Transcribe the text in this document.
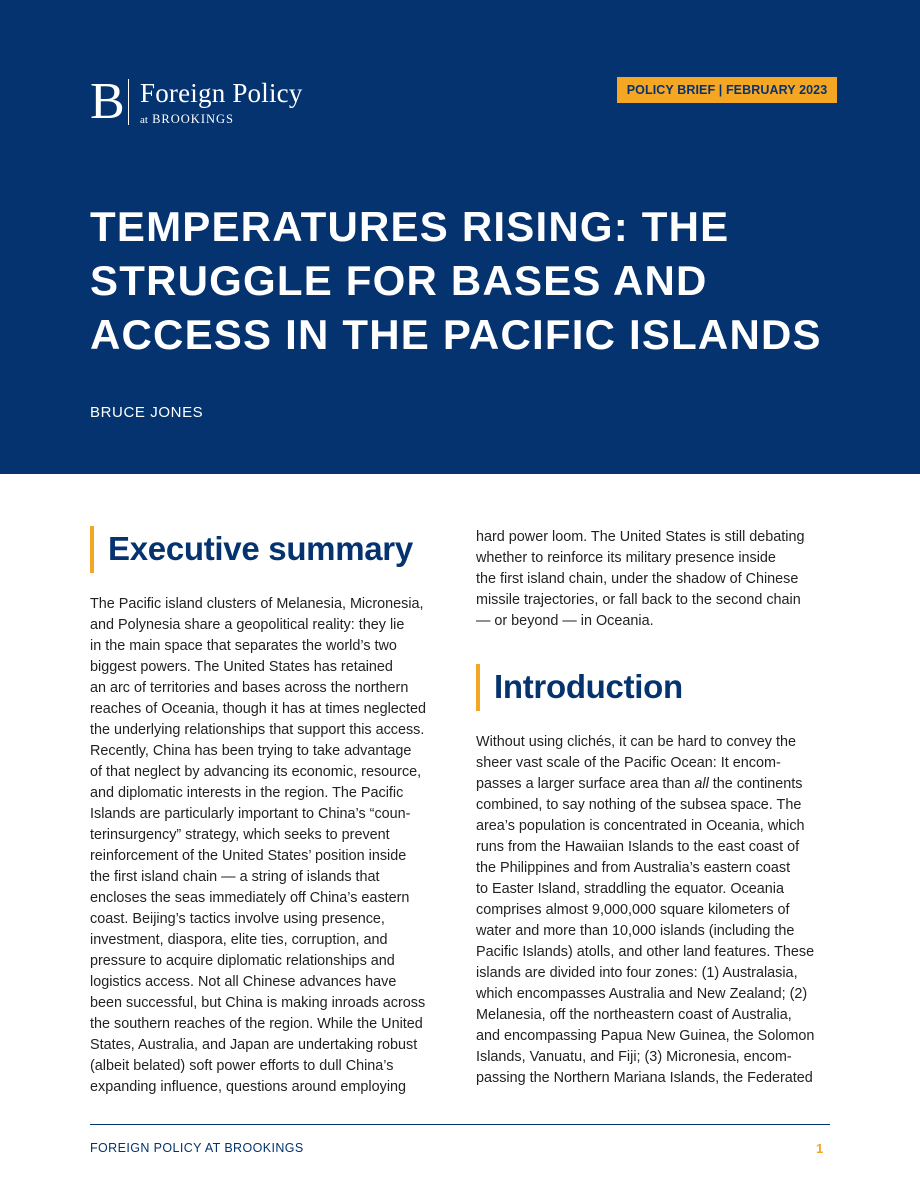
B Foreign Policy
at BROOKINGS
POLICY BRIEF | FEBRUARY 2023
TEMPERATURES RISING: THE STRUGGLE FOR BASES AND ACCESS IN THE PACIFIC ISLANDS
BRUCE JONES
Executive summary

The Pacific island clusters of Melanesia, Micronesia,
and Polynesia share a geopolitical reality: they lie
in the main space that separates the world’s two
biggest powers. The United States has retained
an arc of territories and bases across the northern
reaches of Oceania, though it has at times neglected
the underlying relationships that support this access.
Recently, China has been trying to take advantage
of that neglect by advancing its economic, resource,
and diplomatic interests in the region. The Pacific
Islands are particularly important to China’s “coun-
terinsurgency” strategy, which seeks to prevent
reinforcement of the United States’ position inside
the first island chain — a string of islands that
encloses the seas immediately off China’s eastern
coast. Beijing’s tactics involve using presence,
investment, diaspora, elite ties, corruption, and
pressure to acquire diplomatic relationships and
logistics access. Not all Chinese advances have
been successful, but China is making inroads across
the southern reaches of the region. While the United
States, Australia, and Japan are undertaking robust
(albeit belated) soft power efforts to dull China’s
expanding influence, questions around employing

hard power loom. The United States is still debating
whether to reinforce its military presence inside
the first island chain, under the shadow of Chinese
missile trajectories, or fall back to the second chain
— or beyond — in Oceania.

Introduction

Without using clichés, it can be hard to convey the
sheer vast scale of the Pacific Ocean: It encom-
passes a larger surface area than all the continents
combined, to say nothing of the subsea space. The
area’s population is concentrated in Oceania, which
runs from the Hawaiian Islands to the east coast of
the Philippines and from Australia’s eastern coast
to Easter Island, straddling the equator. Oceania
comprises almost 9,000,000 square kilometers of
water and more than 10,000 islands (including the
Pacific Islands) atolls, and other land features. These
islands are divided into four zones: (1) Australasia,
which encompasses Australia and New Zealand; (2)
Melanesia, off the northeastern coast of Australia,
and encompassing Papua New Guinea, the Solomon
Islands, Vanuatu, and Fiji; (3) Micronesia, encom-
passing the Northern Mariana Islands, the Federated

FOREIGN POLICY AT BROOKINGS	1
